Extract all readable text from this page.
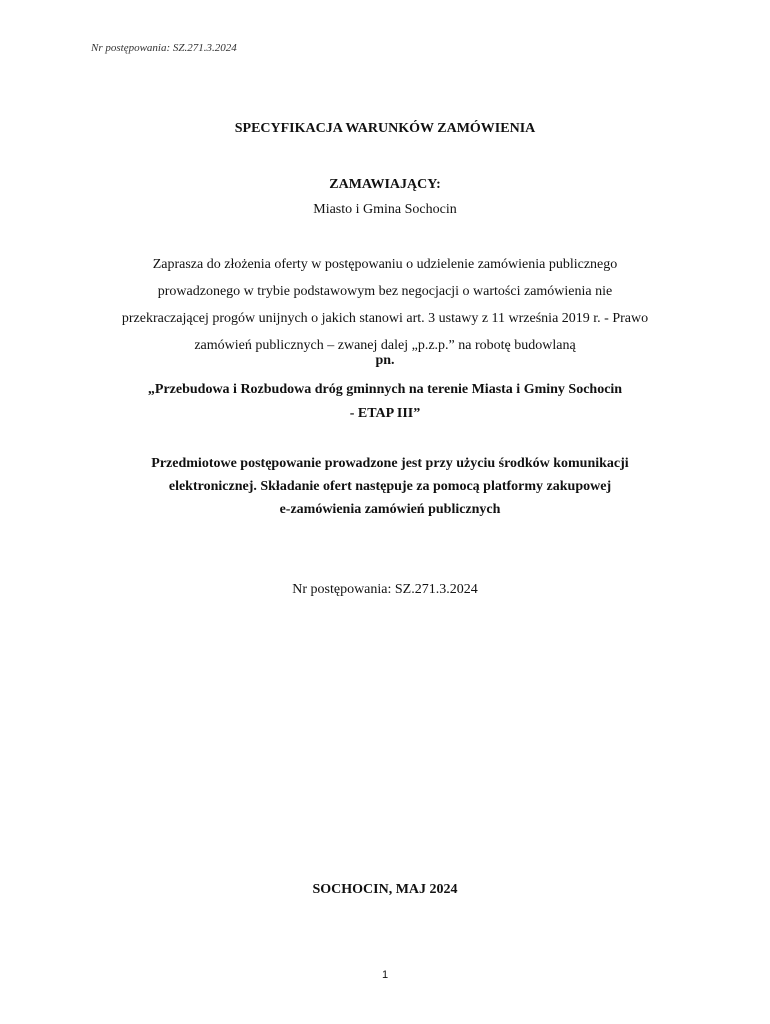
Nr postępowania: SZ.271.3.2024
SPECYFIKACJA WARUNKÓW ZAMÓWIENIA
ZAMAWIAJĄCY:
Miasto i Gmina Sochocin
Zaprasza do złożenia oferty w postępowaniu o udzielenie zamówienia publicznego
prowadzonego w trybie podstawowym bez negocjacji o wartości zamówienia nie
przekraczającej progów unijnych o jakich stanowi art. 3 ustawy z 11 września 2019 r. - Prawo
zamówień publicznych – zwanej dalej „p.z.p.” na robotę budowlaną
pn.
„Przebudowa i Rozbudowa dróg gminnych na terenie Miasta i Gminy Sochocin
- ETAP III”
Przedmiotowe postępowanie prowadzone jest przy użyciu środków komunikacji
elektronicznej. Składanie ofert następuje za pomocą platformy zakupowej
e-zamówienia zamówień publicznych
Nr postępowania: SZ.271.3.2024
SOCHOCIN, MAJ 2024
1
